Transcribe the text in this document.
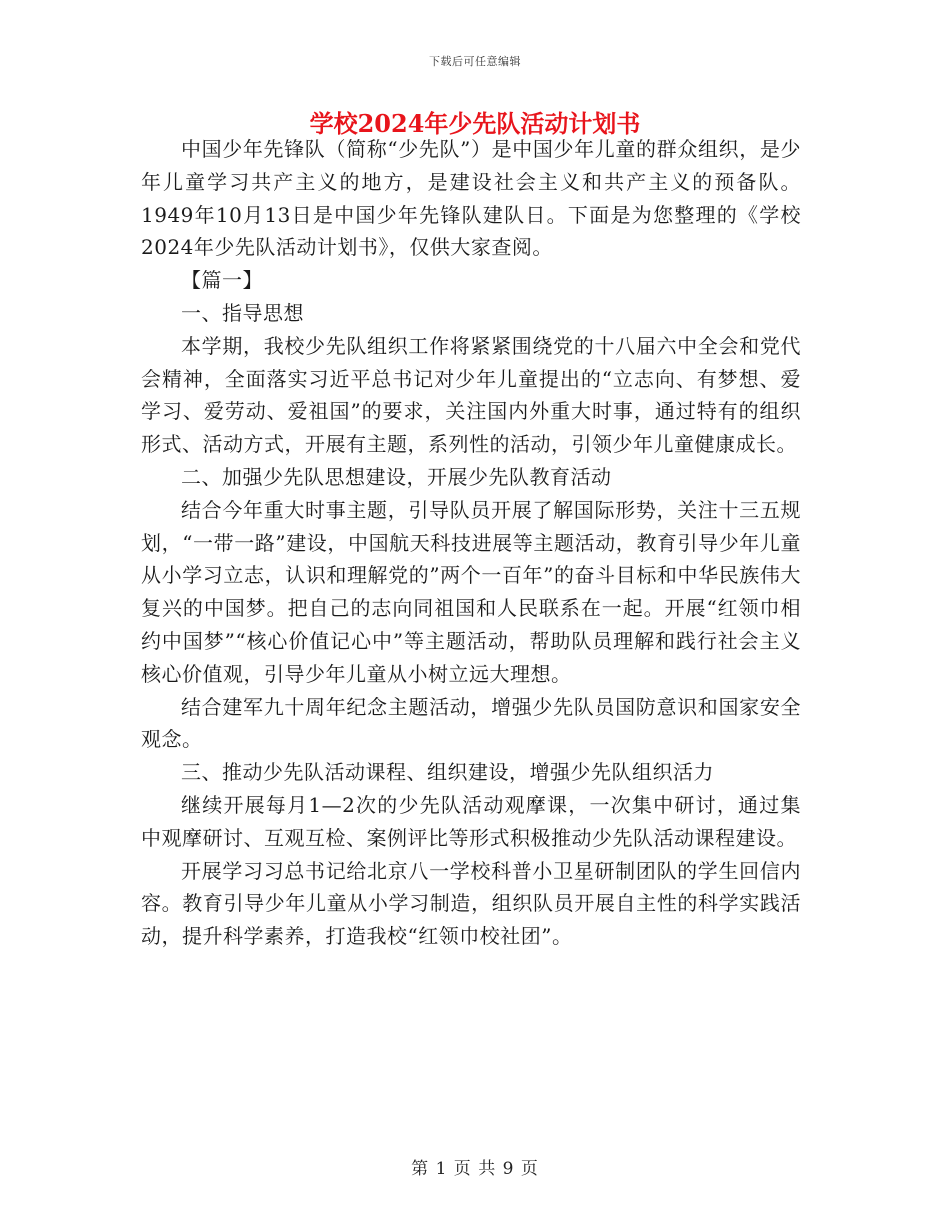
下载后可任意编辑
学校2024年少先队活动计划书

中国少年先锋队（简称“少先队”）是中国少年儿童的群众组织，是少年儿童学习共产主义的地方，是建设社会主义和共产主义的预备队。1949年10月13日是中国少年先锋队建队日。下面是为您整理的《学校2024年少先队活动计划书》，仅供大家查阅。

【篇一】

一、指导思想

本学期，我校少先队组织工作将紧紧围绕党的十八届六中全会和党代会精神，全面落实习近平总书记对少年儿童提出的“立志向、有梦想、爱学习、爱劳动、爱祖国”的要求，关注国内外重大时事，通过特有的组织形式、活动方式，开展有主题，系列性的活动，引领少年儿童健康成长。

二、加强少先队思想建设，开展少先队教育活动

结合今年重大时事主题，引导队员开展了解国际形势，关注十三五规划，“一带一路”建设，中国航天科技进展等主题活动，教育引导少年儿童从小学习立志，认识和理解党的”两个一百年”的奋斗目标和中华民族伟大复兴的中国梦。把自己的志向同祖国和人民联系在一起。开展“红领巾相约中国梦”“核心价值记心中”等主题活动，帮助队员理解和践行社会主义核心价值观，引导少年儿童从小树立远大理想。

结合建军九十周年纪念主题活动，增强少先队员国防意识和国家安全观念。

三、推动少先队活动课程、组织建设，增强少先队组织活力

继续开展每月1—2次的少先队活动观摩课，一次集中研讨，通过集中观摩研讨、互观互检、案例评比等形式积极推动少先队活动课程建设。

开展学习习总书记给北京八一学校科普小卫星研制团队的学生回信内容。教育引导少年儿童从小学习制造，组织队员开展自主性的科学实践活动，提升科学素养，打造我校“红领巾校社团”。

第 1 页 共 9 页
